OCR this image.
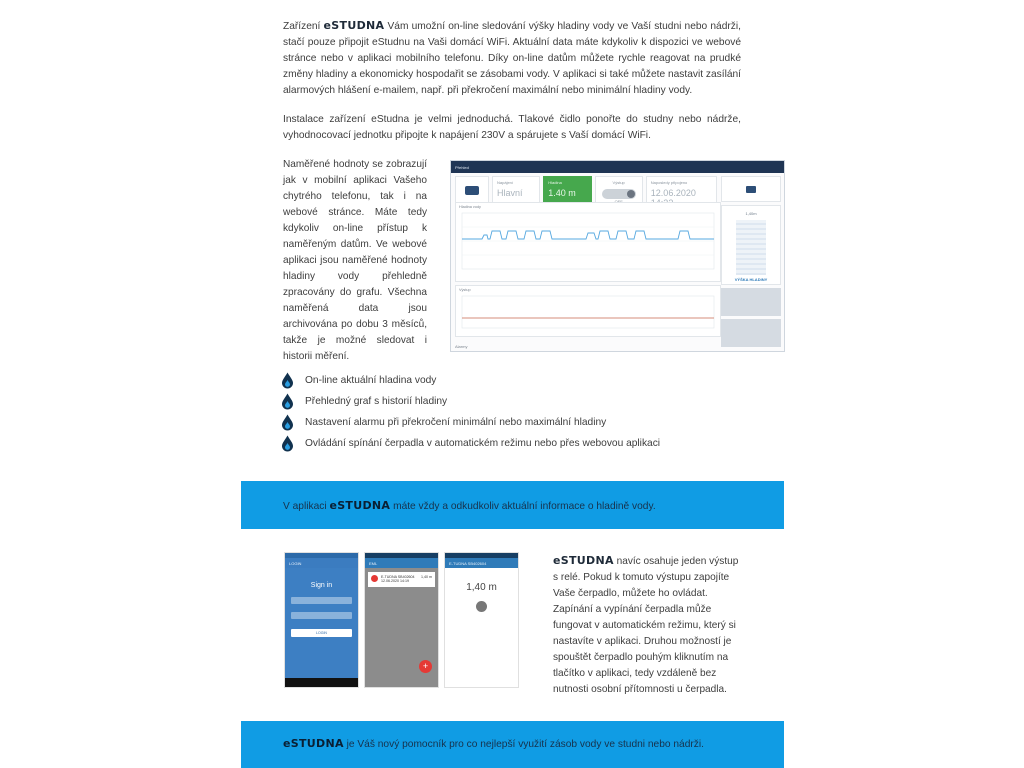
Zařízení eSTUDNA Vám umožní on-line sledování výšky hladiny vody ve Vaší studni nebo nádrži, stačí pouze připojit eStudnu na Vaši domácí WiFi. Aktuální data máte kdykoliv k dispozici ve webové stránce nebo v aplikaci mobilního telefonu. Díky on-line datům můžete rychle reagovat na prudké změny hladiny a ekonomicky hospodařit se zásobami vody. V aplikaci si také můžete nastavit zasílání alarmových hlášení e-mailem, např. při překročení maximální nebo minimální hladiny vody.

Instalace zařízení eStudna je velmi jednoduchá. Tlakové čidlo ponořte do studny nebo nádrže, vyhodnocovací jednotku připojte k napájení 230V a spárujete s Vaší domácí WiFi.

Naměřené hodnoty se zobrazují jak v mobilní aplikaci Vašeho chytrého telefonu, tak i na webové stránce. Máte tedy kdykoliv on-line přístup k naměřeným datům. Ve webové aplikaci jsou naměřené hodnoty hladiny vody přehledně zpracovány do grafu. Všechna naměřená data jsou archivována po dobu 3 měsíců, takže je možné sledovat i historii měření.

Přehled
Napájení
Hlavní
Hladina
1.40 m
Výstup	Naposledy připojeno
12.06.2020
Hladina vody
Výstup
1,40m
VÝŠKA HLADINY
Alarmy
On-line aktuální hladina vody
Přehledný graf s historií hladiny
Nastavení alarmu při překročení minimální nebo maximální hladiny
Ovládání spínání čerpadla v automatickém režimu nebo přes webovou aplikaci

V aplikaci eSTUDNA máte vždy a odkudkoliv aktuální informace o hladině vody.

LOGIN
Sign in
LOGIN
EML
E-TUDNA SB402604
12.06.2020 14:19
1,40 m
+
E-TUDNA SB402604
1,40 m

eSTUDNA navíc osahuje jeden výstup s relé. Pokud k tomuto výstupu zapojíte Vaše čerpadlo, můžete ho ovládat. Zapínání a vypínání čerpadla může fungovat v automatickém režimu, který si nastavíte v aplikaci. Druhou možností je spouštět čerpadlo pouhým kliknutím na tlačítko v aplikaci, tedy vzdáleně bez nutnosti osobní přítomnosti u čerpadla.

eSTUDNA je Váš nový pomocník pro co nejlepší využití zásob vody ve studni nebo nádrži.
